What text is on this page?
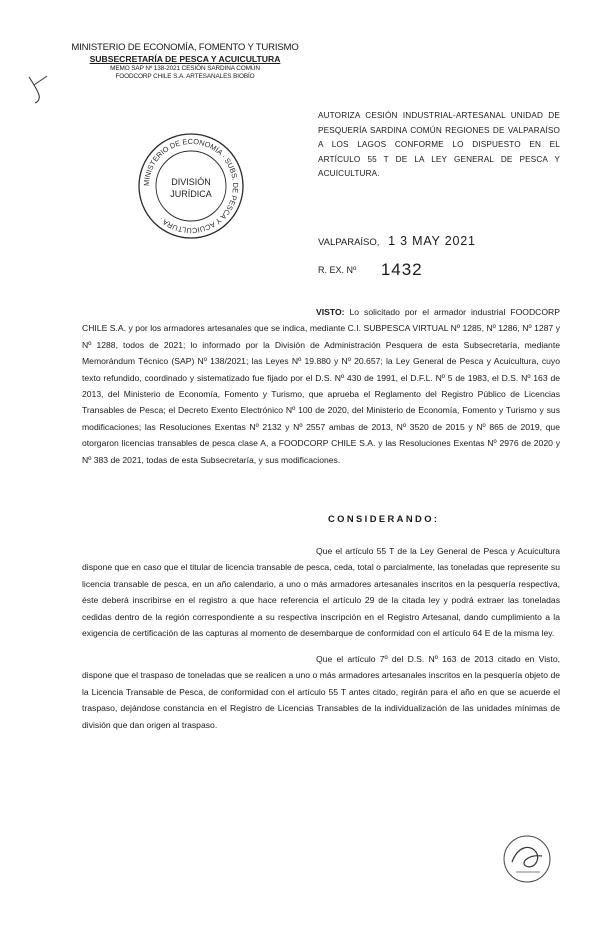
MINISTERIO DE ECONOMÍA, FOMENTO Y TURISMO
SUBSECRETARÍA DE PESCA Y ACUICULTURA
MEMO SAP Nº 138-2021 CESIÓN SARDINA COMÚN
FOODCORP CHILE S.A. ARTESANALES BIOBÍO
AUTORIZA CESIÓN INDUSTRIAL-ARTESANAL UNIDAD DE PESQUERÍA SARDINA COMÚN REGIONES DE VALPARAÍSO A LOS LAGOS CONFORME LO DISPUESTO EN EL ARTÍCULO 55 T DE LA LEY GENERAL DE PESCA Y ACUICULTURA.
MINISTERIO DE ECONOMÍA · SUBS. DE PESCA Y ACUICULTURA ·
DIVISIÓN
JURÍDICA
VALPARAÍSO, 1 3 MAY 2021
R. EX. Nº 1432
VISTO: Lo solicitado por el armador industrial FOODCORP CHILE S.A. y por los armadores artesanales que se indica, mediante C.I. SUBPESCA VIRTUAL Nº 1285, Nº 1286, Nº 1287 y Nº 1288, todos de 2021; lo informado por la División de Administración Pesquera de esta Subsecretaría, mediante Memorándum Técnico (SAP) Nº 138/2021; las Leyes Nº 19.880 y Nº 20.657; la Ley General de Pesca y Acuicultura, cuyo texto refundido, coordinado y sistematizado fue fijado por el D.S. Nº 430 de 1991, el D.F.L. Nº 5 de 1983, el D.S. Nº 163 de 2013, del Ministerio de Economía, Fomento y Turismo, que aprueba el Reglamento del Registro Público de Licencias Transables de Pesca; el Decreto Exento Electrónico Nº 100 de 2020, del Ministerio de Economía, Fomento y Turismo y sus modificaciones; las Resoluciones Exentas Nº 2132 y Nº 2557 ambas de 2013, Nº 3520 de 2015 y Nº 865 de 2019, que otorgaron licencias transables de pesca clase A, a FOODCORP CHILE S.A. y las Resoluciones Exentas Nº 2976 de 2020 y Nº 383 de 2021, todas de esta Subsecretaría, y sus modificaciones.
CONSIDERANDO:
Que el artículo 55 T de la Ley General de Pesca y Acuicultura dispone que en caso que el titular de licencia transable de pesca, ceda, total o parcialmente, las toneladas que represente su licencia transable de pesca, en un año calendario, a uno o más armadores artesanales inscritos en la pesquería respectiva, éste deberá inscribirse en el registro a que hace referencia el artículo 29 de la citada ley y podrá extraer las toneladas cedidas dentro de la región correspondiente a su respectiva inscripción en el Registro Artesanal, dando cumplimiento a la exigencia de certificación de las capturas al momento de desembarque de conformidad con el artículo 64 E de la misma ley.
Que el artículo 7º del D.S. Nº 163 de 2013 citado en Visto, dispone que el traspaso de toneladas que se realicen a uno o más armadores artesanales inscritos en la pesquería objeto de la Licencia Transable de Pesca, de conformidad con el artículo 55 T antes citado, regirán para el año en que se acuerde el traspaso, dejándose constancia en el Registro de Licencias Transables de la individualización de las unidades mínimas de división que dan origen al traspaso.
